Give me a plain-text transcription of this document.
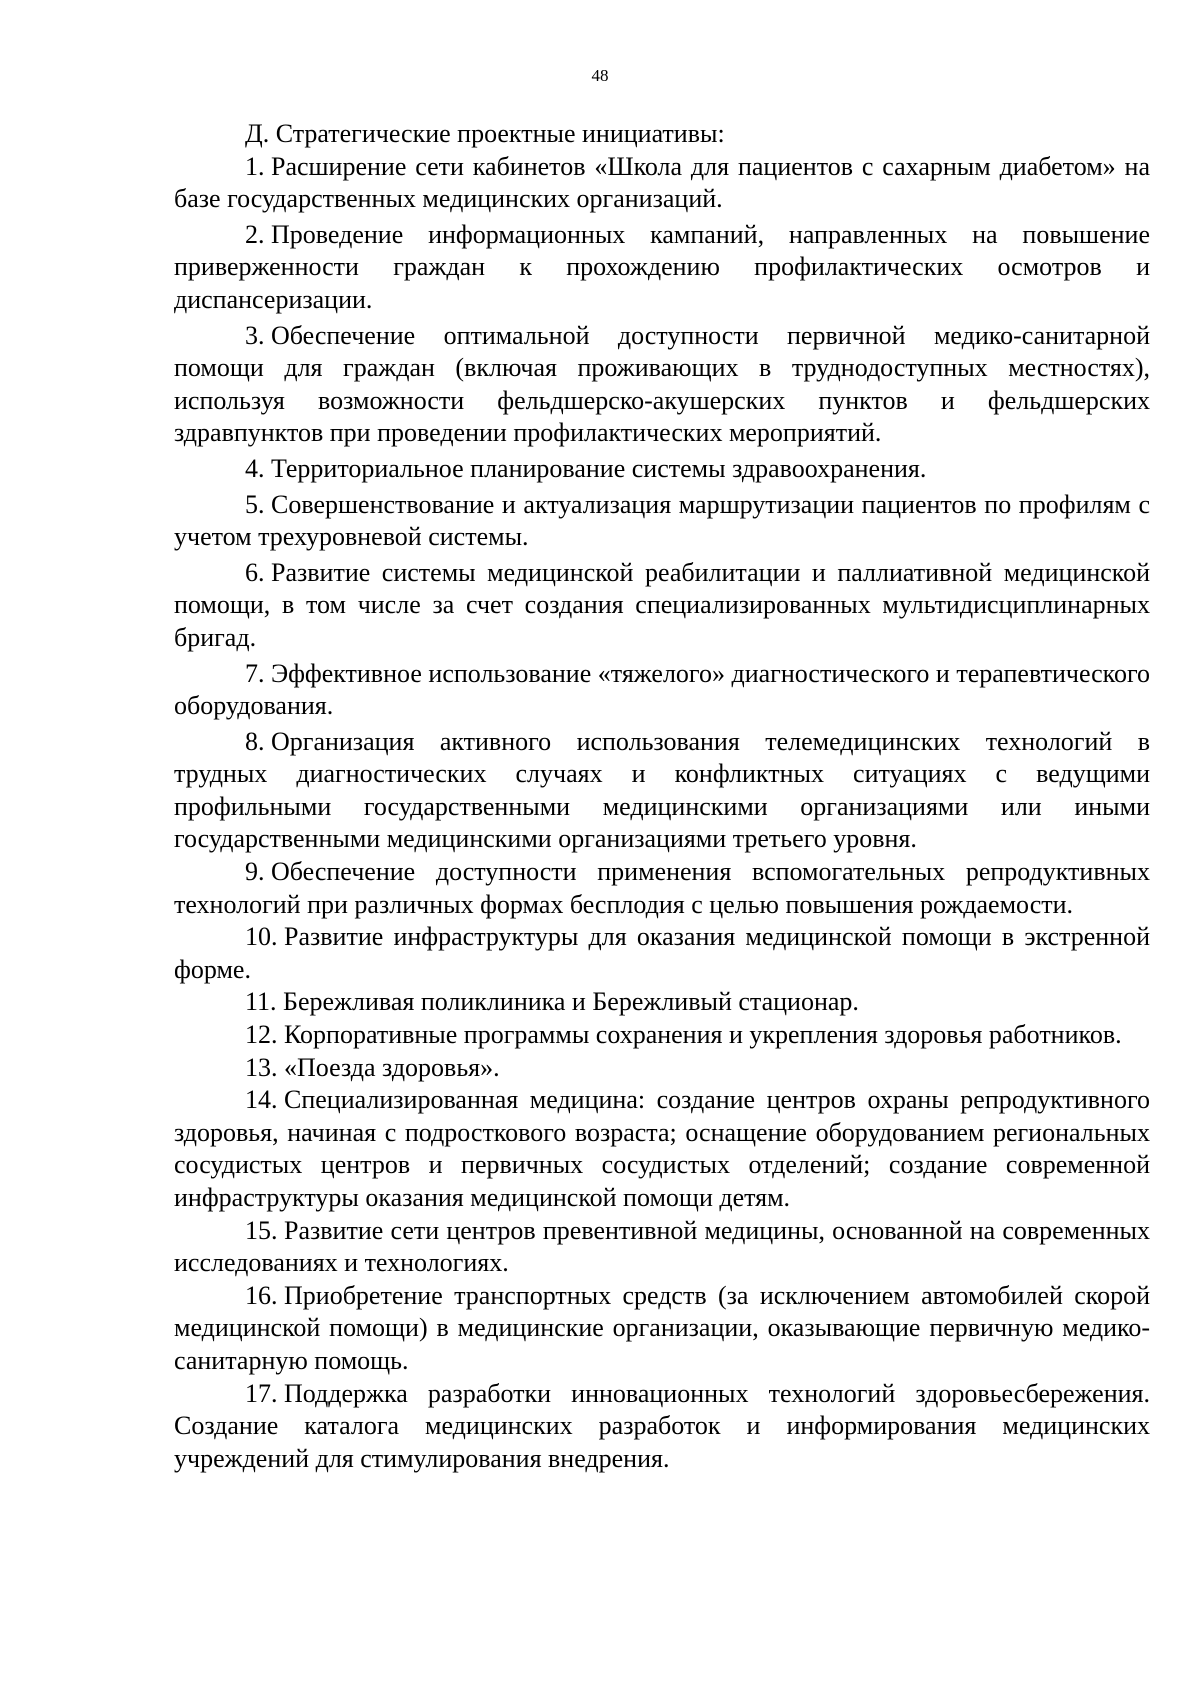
48

Д. Стратегические проектные инициативы:

1. Расширение сети кабинетов «Школа для пациентов с сахарным диабетом» на базе государственных медицинских организаций.

2. Проведение информационных кампаний, направленных на повышение приверженности граждан к прохождению профилактических осмотров и диспансеризации.

3. Обеспечение оптимальной доступности первичной медико-санитарной помощи для граждан (включая проживающих в труднодоступных местностях), используя возможности фельдшерско-акушерских пунктов и фельдшерских здравпунктов при проведении профилактических мероприятий.

4. Территориальное планирование системы здравоохранения.

5. Совершенствование и актуализация маршрутизации пациентов по профилям с учетом трехуровневой системы.

6. Развитие системы медицинской реабилитации и паллиативной медицинской помощи, в том числе за счет создания специализированных мультидисциплинарных бригад.

7. Эффективное использование «тяжелого» диагностического и терапевтического оборудования.

8. Организация активного использования телемедицинских технологий в трудных диагностических случаях и конфликтных ситуациях с ведущими профильными государственными медицинскими организациями или иными государственными медицинскими организациями третьего уровня.

9. Обеспечение доступности применения вспомогательных репродуктивных технологий при различных формах бесплодия с целью повышения рождаемости.

10. Развитие инфраструктуры для оказания медицинской помощи в экстренной форме.

11. Бережливая поликлиника и Бережливый стационар.

12. Корпоративные программы сохранения и укрепления здоровья работников.

13. «Поезда здоровья».

14. Специализированная медицина: создание центров охраны репродуктивного здоровья, начиная с подросткового возраста; оснащение оборудованием региональных сосудистых центров и первичных сосудистых отделений; создание современной инфраструктуры оказания медицинской помощи детям.

15. Развитие сети центров превентивной медицины, основанной на современных исследованиях и технологиях.

16. Приобретение транспортных средств (за исключением автомобилей скорой медицинской помощи) в медицинские организации, оказывающие первичную медико-санитарную помощь.

17. Поддержка разработки инновационных технологий здоровьесбережения. Создание каталога медицинских разработок и информирования медицинских учреждений для стимулирования внедрения.
